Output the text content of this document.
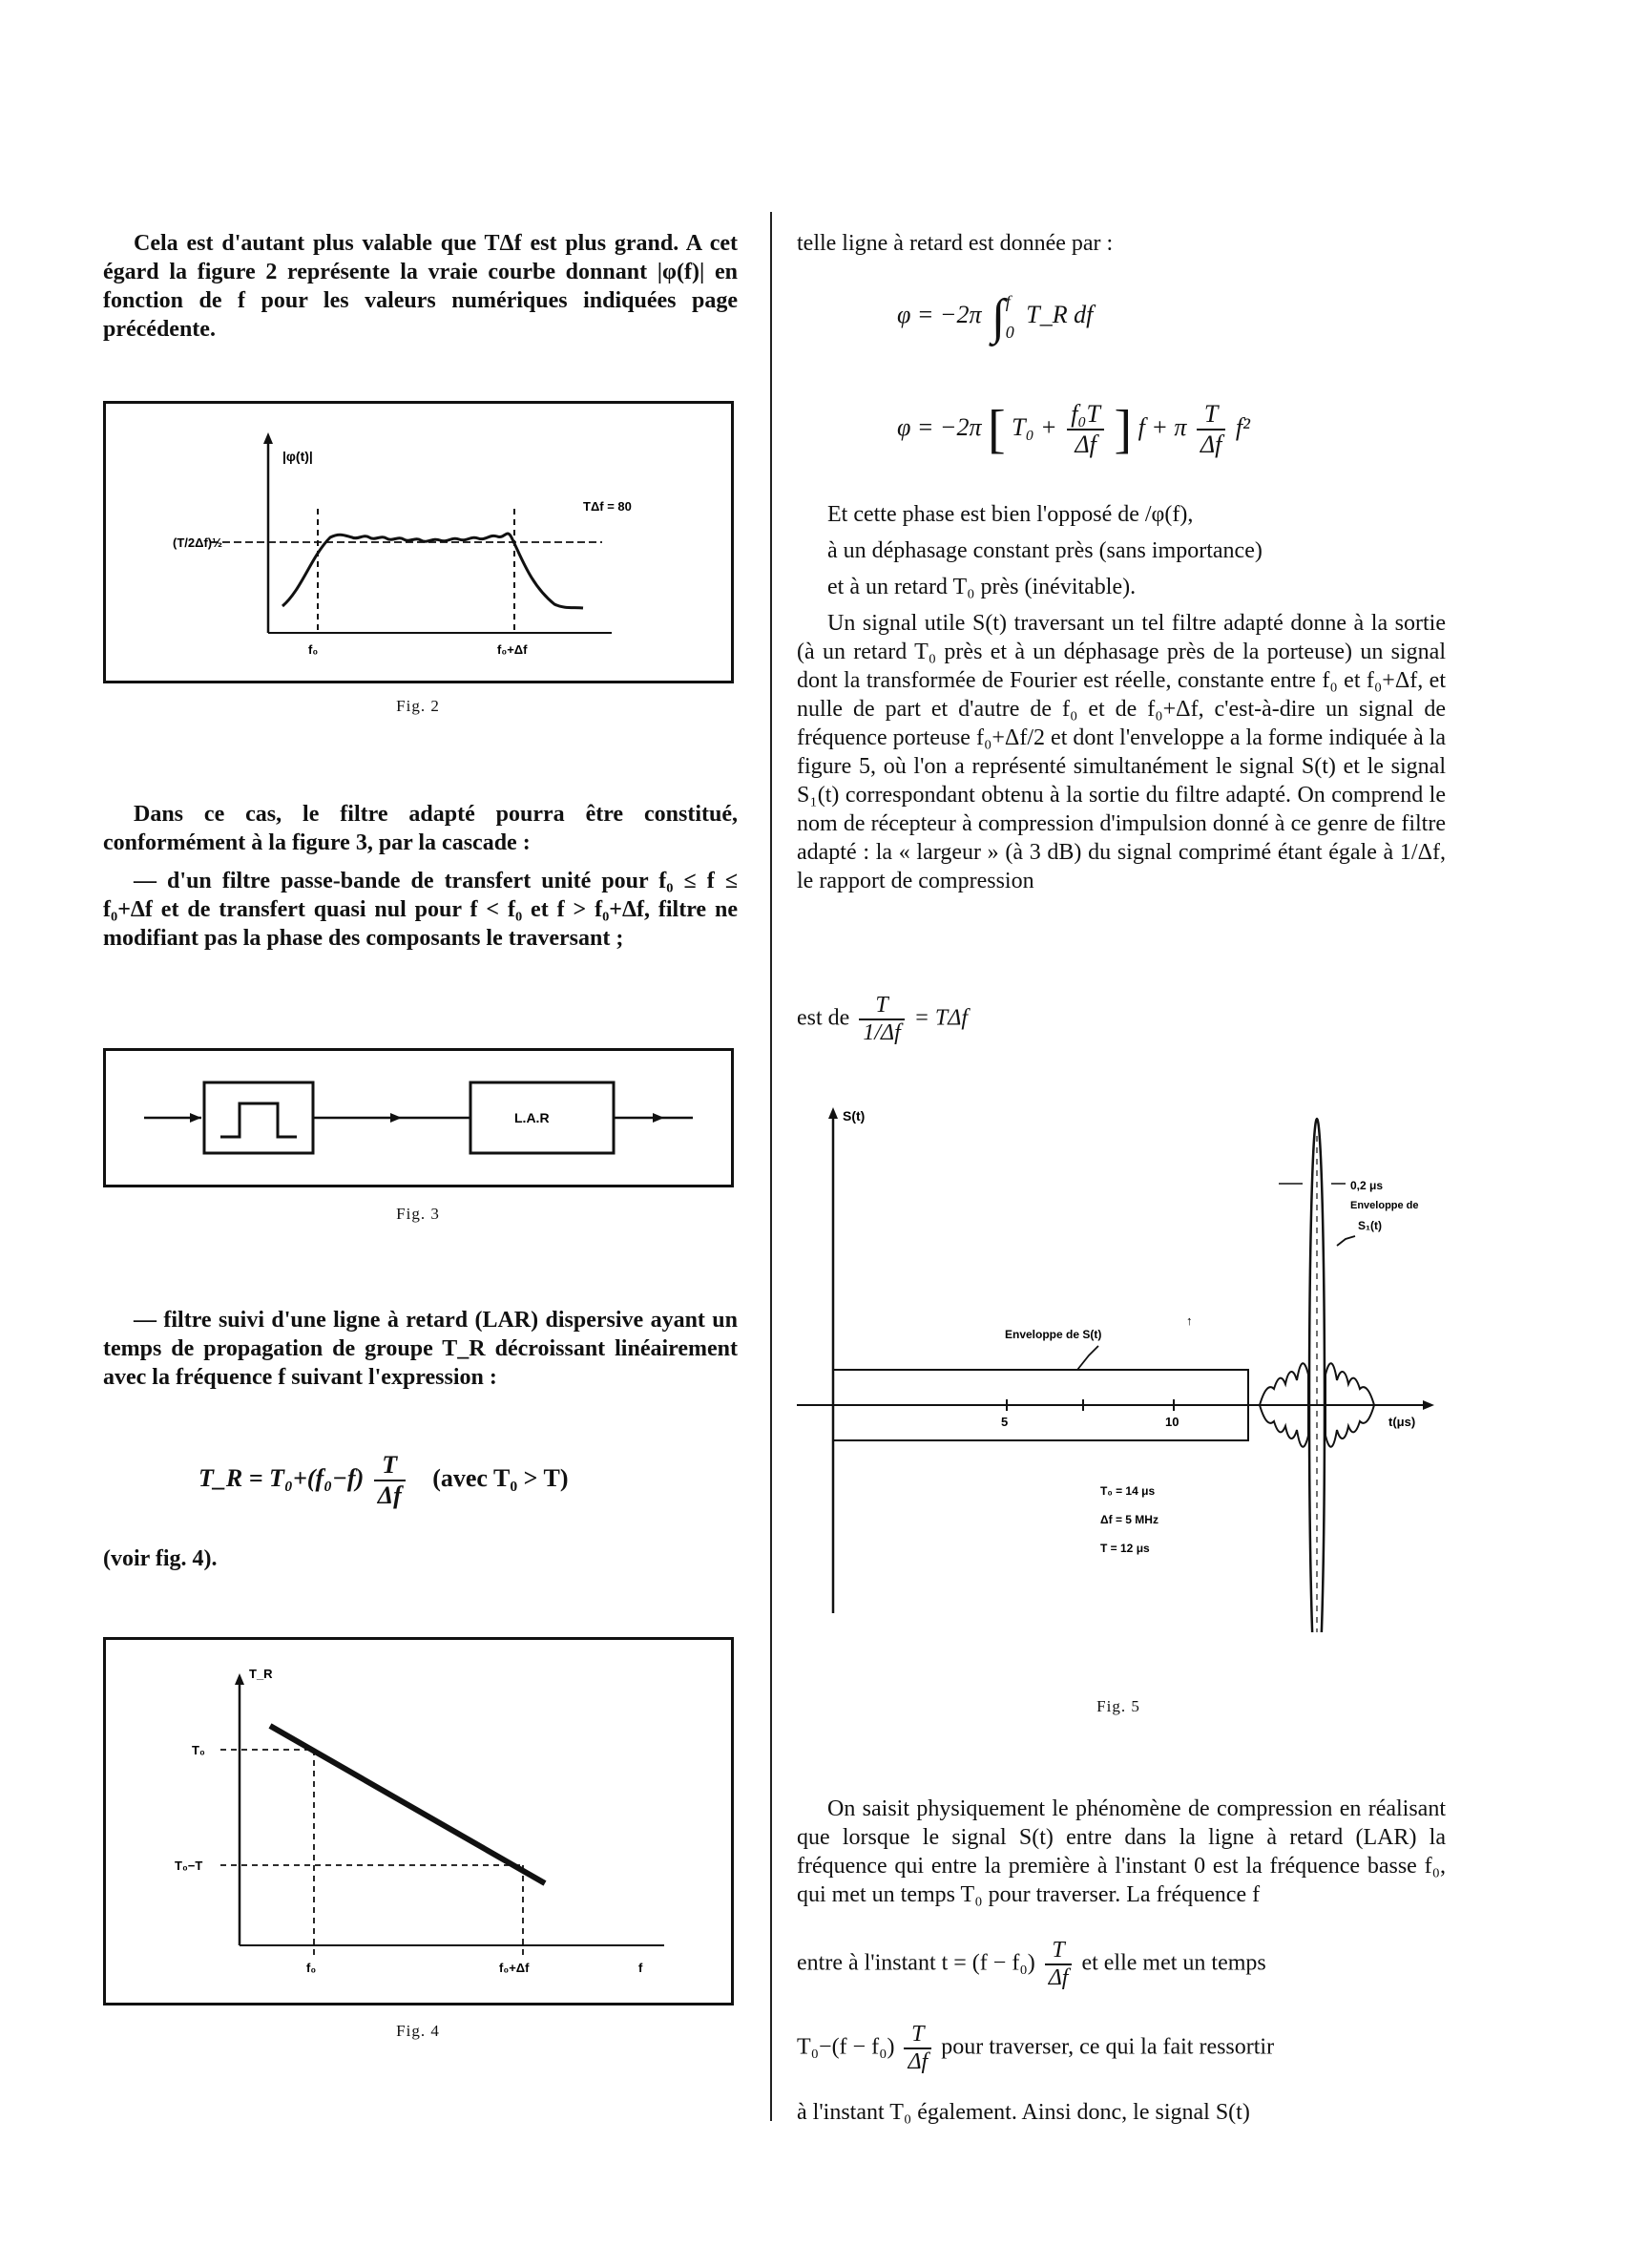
Cela est d'autant plus valable que TΔf est plus grand. A cet égard la figure 2 représente la vraie courbe donnant |φ(f)| en fonction de f pour les valeurs numériques indiquées page précédente.

|φ(t)|
(T/2Δf)½
TΔf = 80
f₀	f₀+Δf
Fig. 2

Dans ce cas, le filtre adapté pourra être constitué, conformément à la figure 3, par la cascade :

— d'un filtre passe-bande de transfert unité pour f₀ ≤ f ≤ f₀+Δf et de transfert quasi nul pour f < f₀ et f > f₀+Δf, filtre ne modifiant pas la phase des composants le traversant ;

L.A.R
Fig. 3

— filtre suivi d'une ligne à retard (LAR) dispersive ayant un temps de propagation de groupe T_R décroissant linéairement avec la fréquence f suivant l'expression :

T_R = $T_0+(f_0-f) \frac{T}{\Delta f}$ (avec T₀ > T)

(voir fig. 4).

T_R
T₀
T₀−T
f₀	f₀+Δf	f
Fig. 4

telle ligne à retard est donnée par :

φ = −2π ∫ f
0
T_R df
φ = −2π [ $T_0 + \frac{\text{f₀T}}{\Delta f}$ ] f + π $\frac{T}{\Delta f} f^2$

Et cette phase est bien l'opposé de /φ(f),

à un déphasage constant près (sans importance)

et à un retard T₀ près (inévitable).

Un signal utile S(t) traversant un tel filtre adapté donne à la sortie (à un retard T₀ près et à un déphasage près de la porteuse) un signal dont la transformée de Fourier est réelle, constante entre f₀ et f₀+Δf, et nulle de part et d'autre de f₀ et de f₀+Δf, c'est-à-dire un signal de fréquence porteuse f₀+Δf/2 et dont l'enveloppe a la forme indiquée à la figure 5, où l'on a représenté simultanément le signal S(t) et le signal S₁(t) correspondant obtenu à la sortie du filtre adapté. On comprend le nom de récepteur à compression d'impulsion donné à ce genre de filtre adapté : la « largeur » (à 3 dB) du signal comprimé étant égale à 1/Δf, le rapport de compression

est de $\frac{T}{1/\Delta f} = T\Delta f$
S(t)
Enveloppe de S(t)
↑
0,2 μs
Enveloppe de
S₁(t)
5	10	t(μs)
T₀ = 14 μs
Δf = 5 MHz
T = 12 μs
Fig. 5

On saisit physiquement le phénomène de compression en réalisant que lorsque le signal S(t) entre dans la ligne à retard (LAR) la fréquence qui entre la première à l'instant 0 est la fréquence basse f₀, qui met un temps T₀ pour traverser. La fréquence f

entre à l'instant $t = (f - f_0) \frac{T}{\Delta f}$ et elle met un temps
$T_0-(f - f_0) \frac{T}{\Delta f}$ pour traverser, ce qui la fait ressortir

à l'instant T₀ également. Ainsi donc, le signal S(t)
